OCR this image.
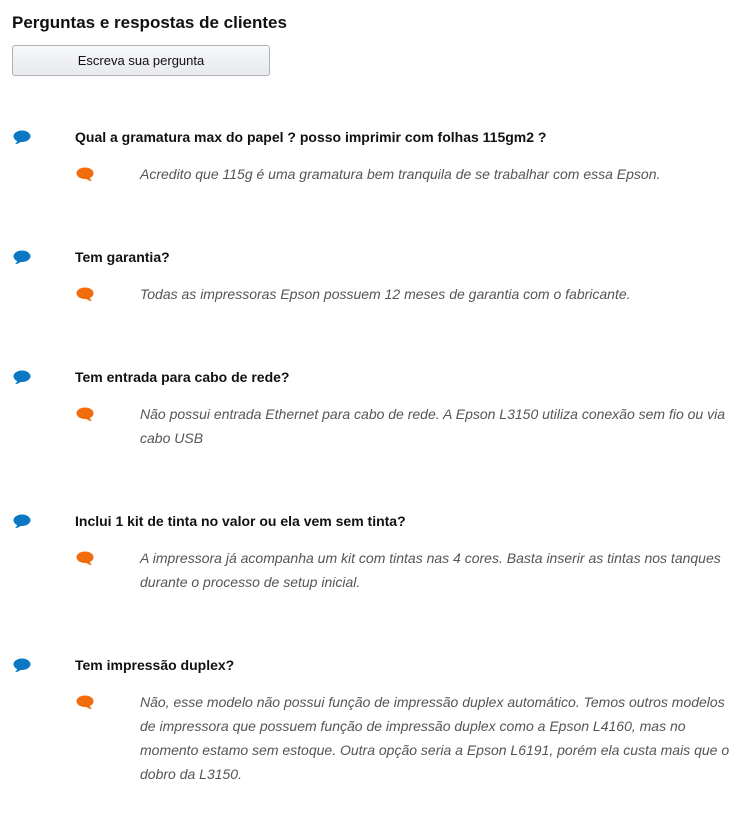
Perguntas e respostas de clientes
Escreva sua pergunta
Qual a gramatura max do papel ? posso imprimir com folhas 115gm2 ?

Acredito que 115g é uma gramatura bem tranquila de se trabalhar com essa Epson.

Tem garantia?

Todas as impressoras Epson possuem 12 meses de garantia com o fabricante.

Tem entrada para cabo de rede?

Não possui entrada Ethernet para cabo de rede. A Epson L3150 utiliza conexão sem fio ou via cabo USB

Inclui 1 kit de tinta no valor ou ela vem sem tinta?

A impressora já acompanha um kit com tintas nas 4 cores. Basta inserir as tintas nos tanques durante o processo de setup inicial.

Tem impressão duplex?

Não, esse modelo não possui função de impressão duplex automático. Temos outros modelos de impressora que possuem função de impressão duplex como a Epson L4160, mas no momento estamo sem estoque. Outra opção seria a Epson L6191, porém ela custa mais que o dobro da L3150.
